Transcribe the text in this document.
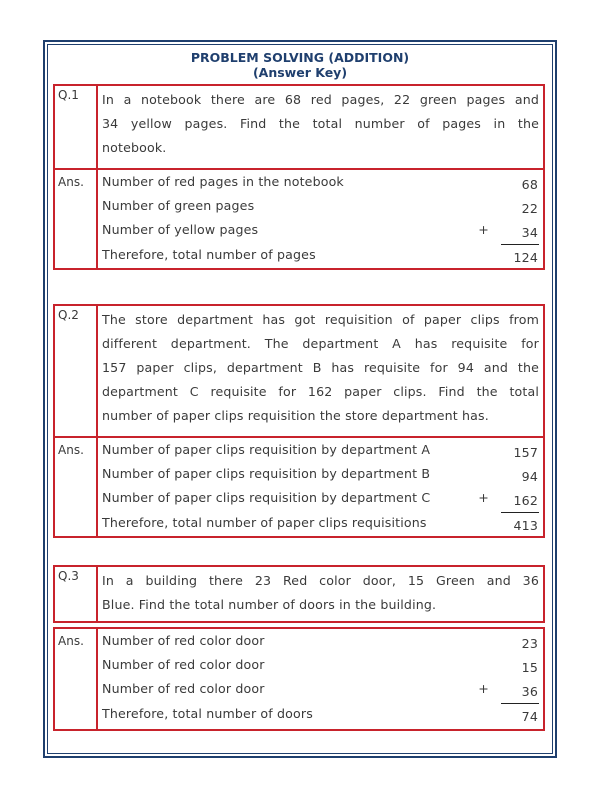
PROBLEM SOLVING (ADDITION)
(Answer Key)
Q.1	In a notebook there are 68 red pages, 22 green pages and
34 yellow pages. Find the total number of pages in the
notebook.
Ans.	Number of red pages in the notebook	68
Number of green pages	22
Number of yellow pages	+	34
Therefore, total number of pages	124
Q.2	The store department has got requisition of paper clips from
different department. The department A has requisite for
157 paper clips, department B has requisite for 94 and the
department C requisite for 162 paper clips. Find the total
number of paper clips requisition the store department has.
Ans.	Number of paper clips requisition by department A	157
Number of paper clips requisition by department B	94
Number of paper clips requisition by department C	+ 162
Therefore, total number of paper clips requisitions	413
Q.3	In a building there 23 Red color door, 15 Green and 36
Blue. Find the total number of doors in the building.
Ans.	Number of red color door	23
Number of red color door	15
Number of red color door	+	36
Therefore, total number of doors	74
